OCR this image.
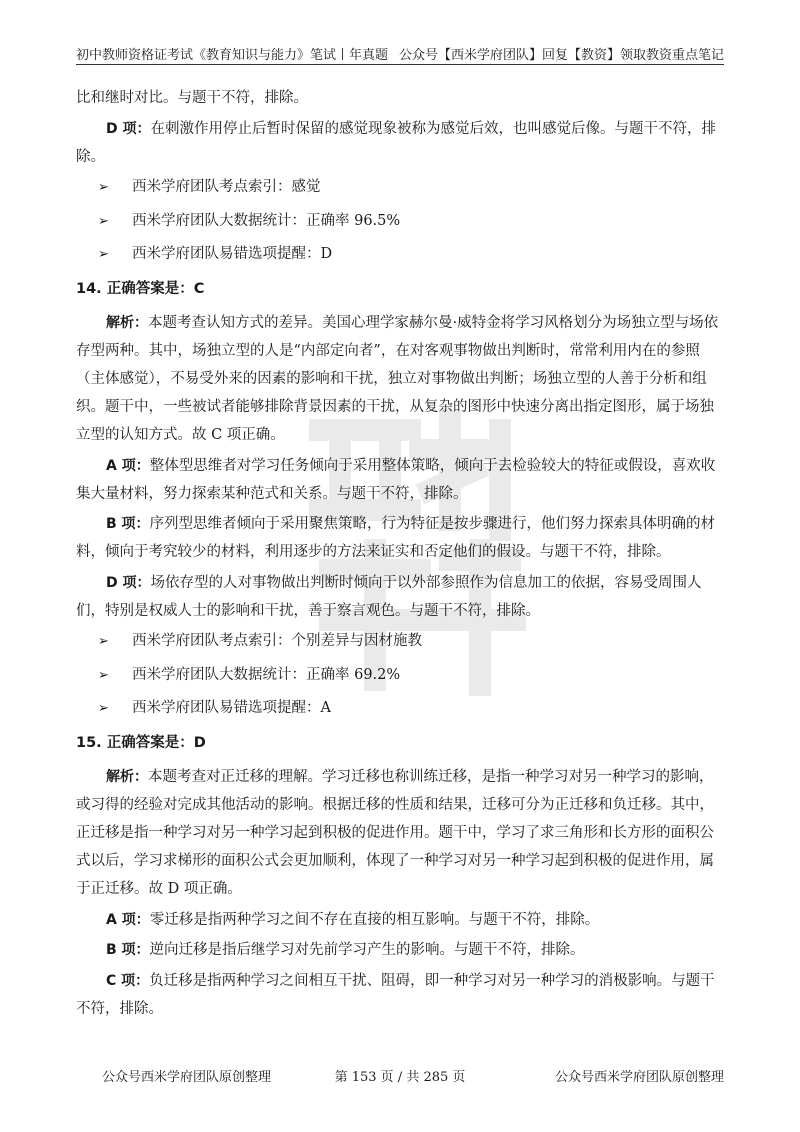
初中教师资格证考试《教育知识与能力》笔试丨年真题 公众号【西米学府团队】回复【教资】领取教资重点笔记

比和继时对比。与题干不符，排除。

D 项：在刺激作用停止后暂时保留的感觉现象被称为感觉后效，也叫感觉后像。与题干不符，排除。

➢ 西米学府团队考点索引：感觉

➢ 西米学府团队大数据统计：正确率 96.5%

➢ 西米学府团队易错选项提醒：D

14. 正确答案是：C

解析：本题考查认知方式的差异。美国心理学家赫尔曼·威特金将学习风格划分为场独立型与场依存型两种。其中，场独立型的人是“内部定向者”，在对客观事物做出判断时，常常利用内在的参照（主体感觉），不易受外来的因素的影响和干扰，独立对事物做出判断；场独立型的人善于分析和组织。题干中，一些被试者能够排除背景因素的干扰，从复杂的图形中快速分离出指定图形，属于场独立型的认知方式。故 C 项正确。

A 项：整体型思维者对学习任务倾向于采用整体策略，倾向于去检验较大的特征或假设，喜欢收集大量材料，努力探索某种范式和关系。与题干不符，排除。

B 项：序列型思维者倾向于采用聚焦策略，行为特征是按步骤进行，他们努力探索具体明确的材料，倾向于考究较少的材料，利用逐步的方法来证实和否定他们的假设。与题干不符，排除。

D 项：场依存型的人对事物做出判断时倾向于以外部参照作为信息加工的依据，容易受周围人们，特别是权威人士的影响和干扰，善于察言观色。与题干不符，排除。

➢ 西米学府团队考点索引：个别差异与因材施教

➢ 西米学府团队大数据统计：正确率 69.2%

➢ 西米学府团队易错选项提醒：A

15. 正确答案是：D

解析：本题考查对正迁移的理解。学习迁移也称训练迁移，是指一种学习对另一种学习的影响，或习得的经验对完成其他活动的影响。根据迁移的性质和结果，迁移可分为正迁移和负迁移。其中，正迁移是指一种学习对另一种学习起到积极的促进作用。题干中，学习了求三角形和长方形的面积公式以后，学习求梯形的面积公式会更加顺利，体现了一种学习对另一种学习起到积极的促进作用，属于正迁移。故 D 项正确。

A 项：零迁移是指两种学习之间不存在直接的相互影响。与题干不符，排除。

B 项：逆向迁移是指后继学习对先前学习产生的影响。与题干不符，排除。

C 项：负迁移是指两种学习之间相互干扰、阻碍，即一种学习对另一种学习的消极影响。与题干不符，排除。

公众号西米学府团队原创整理	第 153 页 / 共 285 页	公众号西米学府团队原创整理
